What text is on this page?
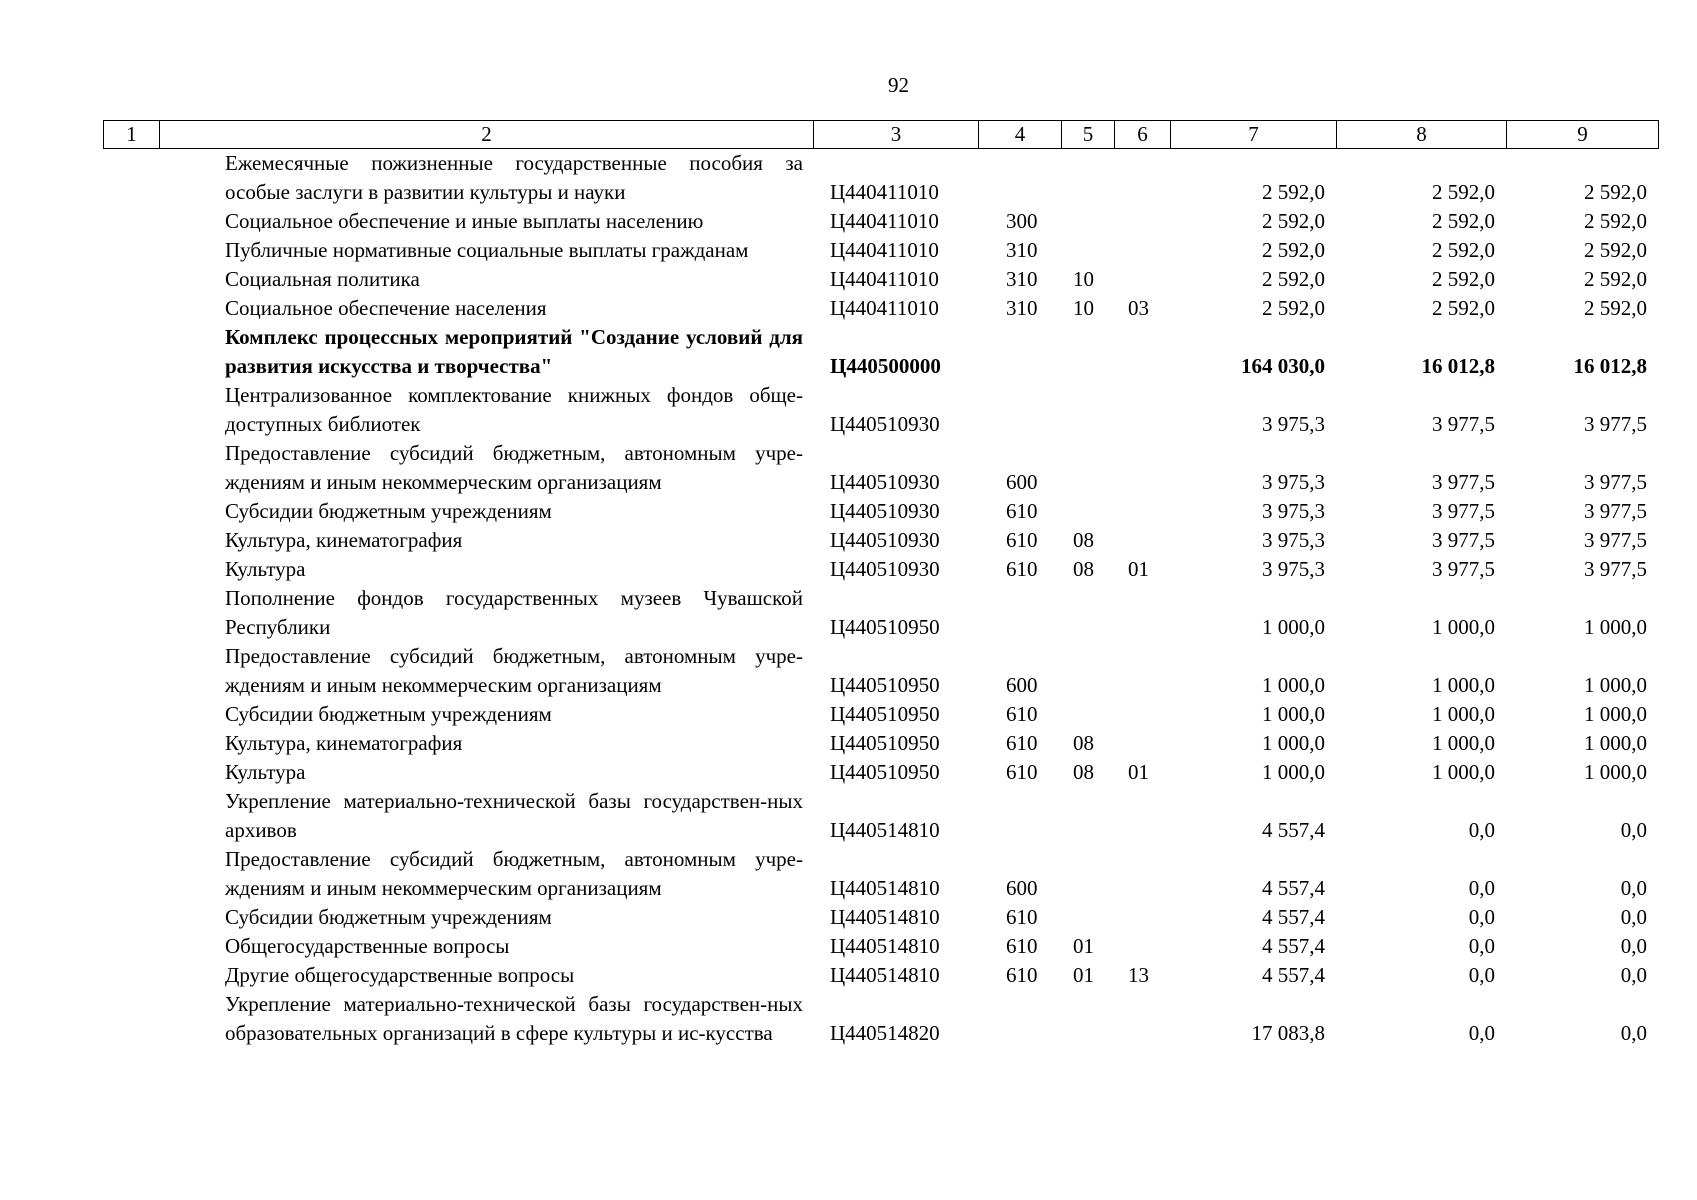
92
1	2	3	4	5	6	7	8	9
	Ежемесячные пожизненные государственные пособия за особые заслуги в развитии культуры и науки	Ц440411010				2 592,0	2 592,0	2 592,0
	Социальное обеспечение и иные выплаты населению	Ц440411010	300			2 592,0	2 592,0	2 592,0
	Публичные нормативные социальные выплаты гражданам	Ц440411010	310			2 592,0	2 592,0	2 592,0
	Социальная политика	Ц440411010	310	10		2 592,0	2 592,0	2 592,0
	Социальное обеспечение населения	Ц440411010	310	10	03	2 592,0	2 592,0	2 592,0
	Комплекс процессных мероприятий "Создание условий для развития искусства и творчества"	Ц440500000				164 030,0	16 012,8	16 012,8
	Централизованное комплектование книжных фондов обще-доступных библиотек	Ц440510930				3 975,3	3 977,5	3 977,5
	Предоставление субсидий бюджетным, автономным учре-ждениям и иным некоммерческим организациям	Ц440510930	600			3 975,3	3 977,5	3 977,5
	Субсидии бюджетным учреждениям	Ц440510930	610			3 975,3	3 977,5	3 977,5
	Культура, кинематография	Ц440510930	610	08		3 975,3	3 977,5	3 977,5
	Культура	Ц440510930	610	08	01	3 975,3	3 977,5	3 977,5
	Пополнение фондов государственных музеев Чувашской Республики	Ц440510950				1 000,0	1 000,0	1 000,0
	Предоставление субсидий бюджетным, автономным учре-ждениям и иным некоммерческим организациям	Ц440510950	600			1 000,0	1 000,0	1 000,0
	Субсидии бюджетным учреждениям	Ц440510950	610			1 000,0	1 000,0	1 000,0
	Культура, кинематография	Ц440510950	610	08		1 000,0	1 000,0	1 000,0
	Культура	Ц440510950	610	08	01	1 000,0	1 000,0	1 000,0
	Укрепление материально-технической базы государствен-ных архивов	Ц440514810				4 557,4	0,0	0,0
	Предоставление субсидий бюджетным, автономным учре-ждениям и иным некоммерческим организациям	Ц440514810	600			4 557,4	0,0	0,0
	Субсидии бюджетным учреждениям	Ц440514810	610			4 557,4	0,0	0,0
	Общегосударственные вопросы	Ц440514810	610	01		4 557,4	0,0	0,0
	Другие общегосударственные вопросы	Ц440514810	610	01	13	4 557,4	0,0	0,0
	Укрепление материально-технической базы государствен-ных образовательных организаций в сфере культуры и ис-кусства	Ц440514820				17 083,8	0,0	0,0
